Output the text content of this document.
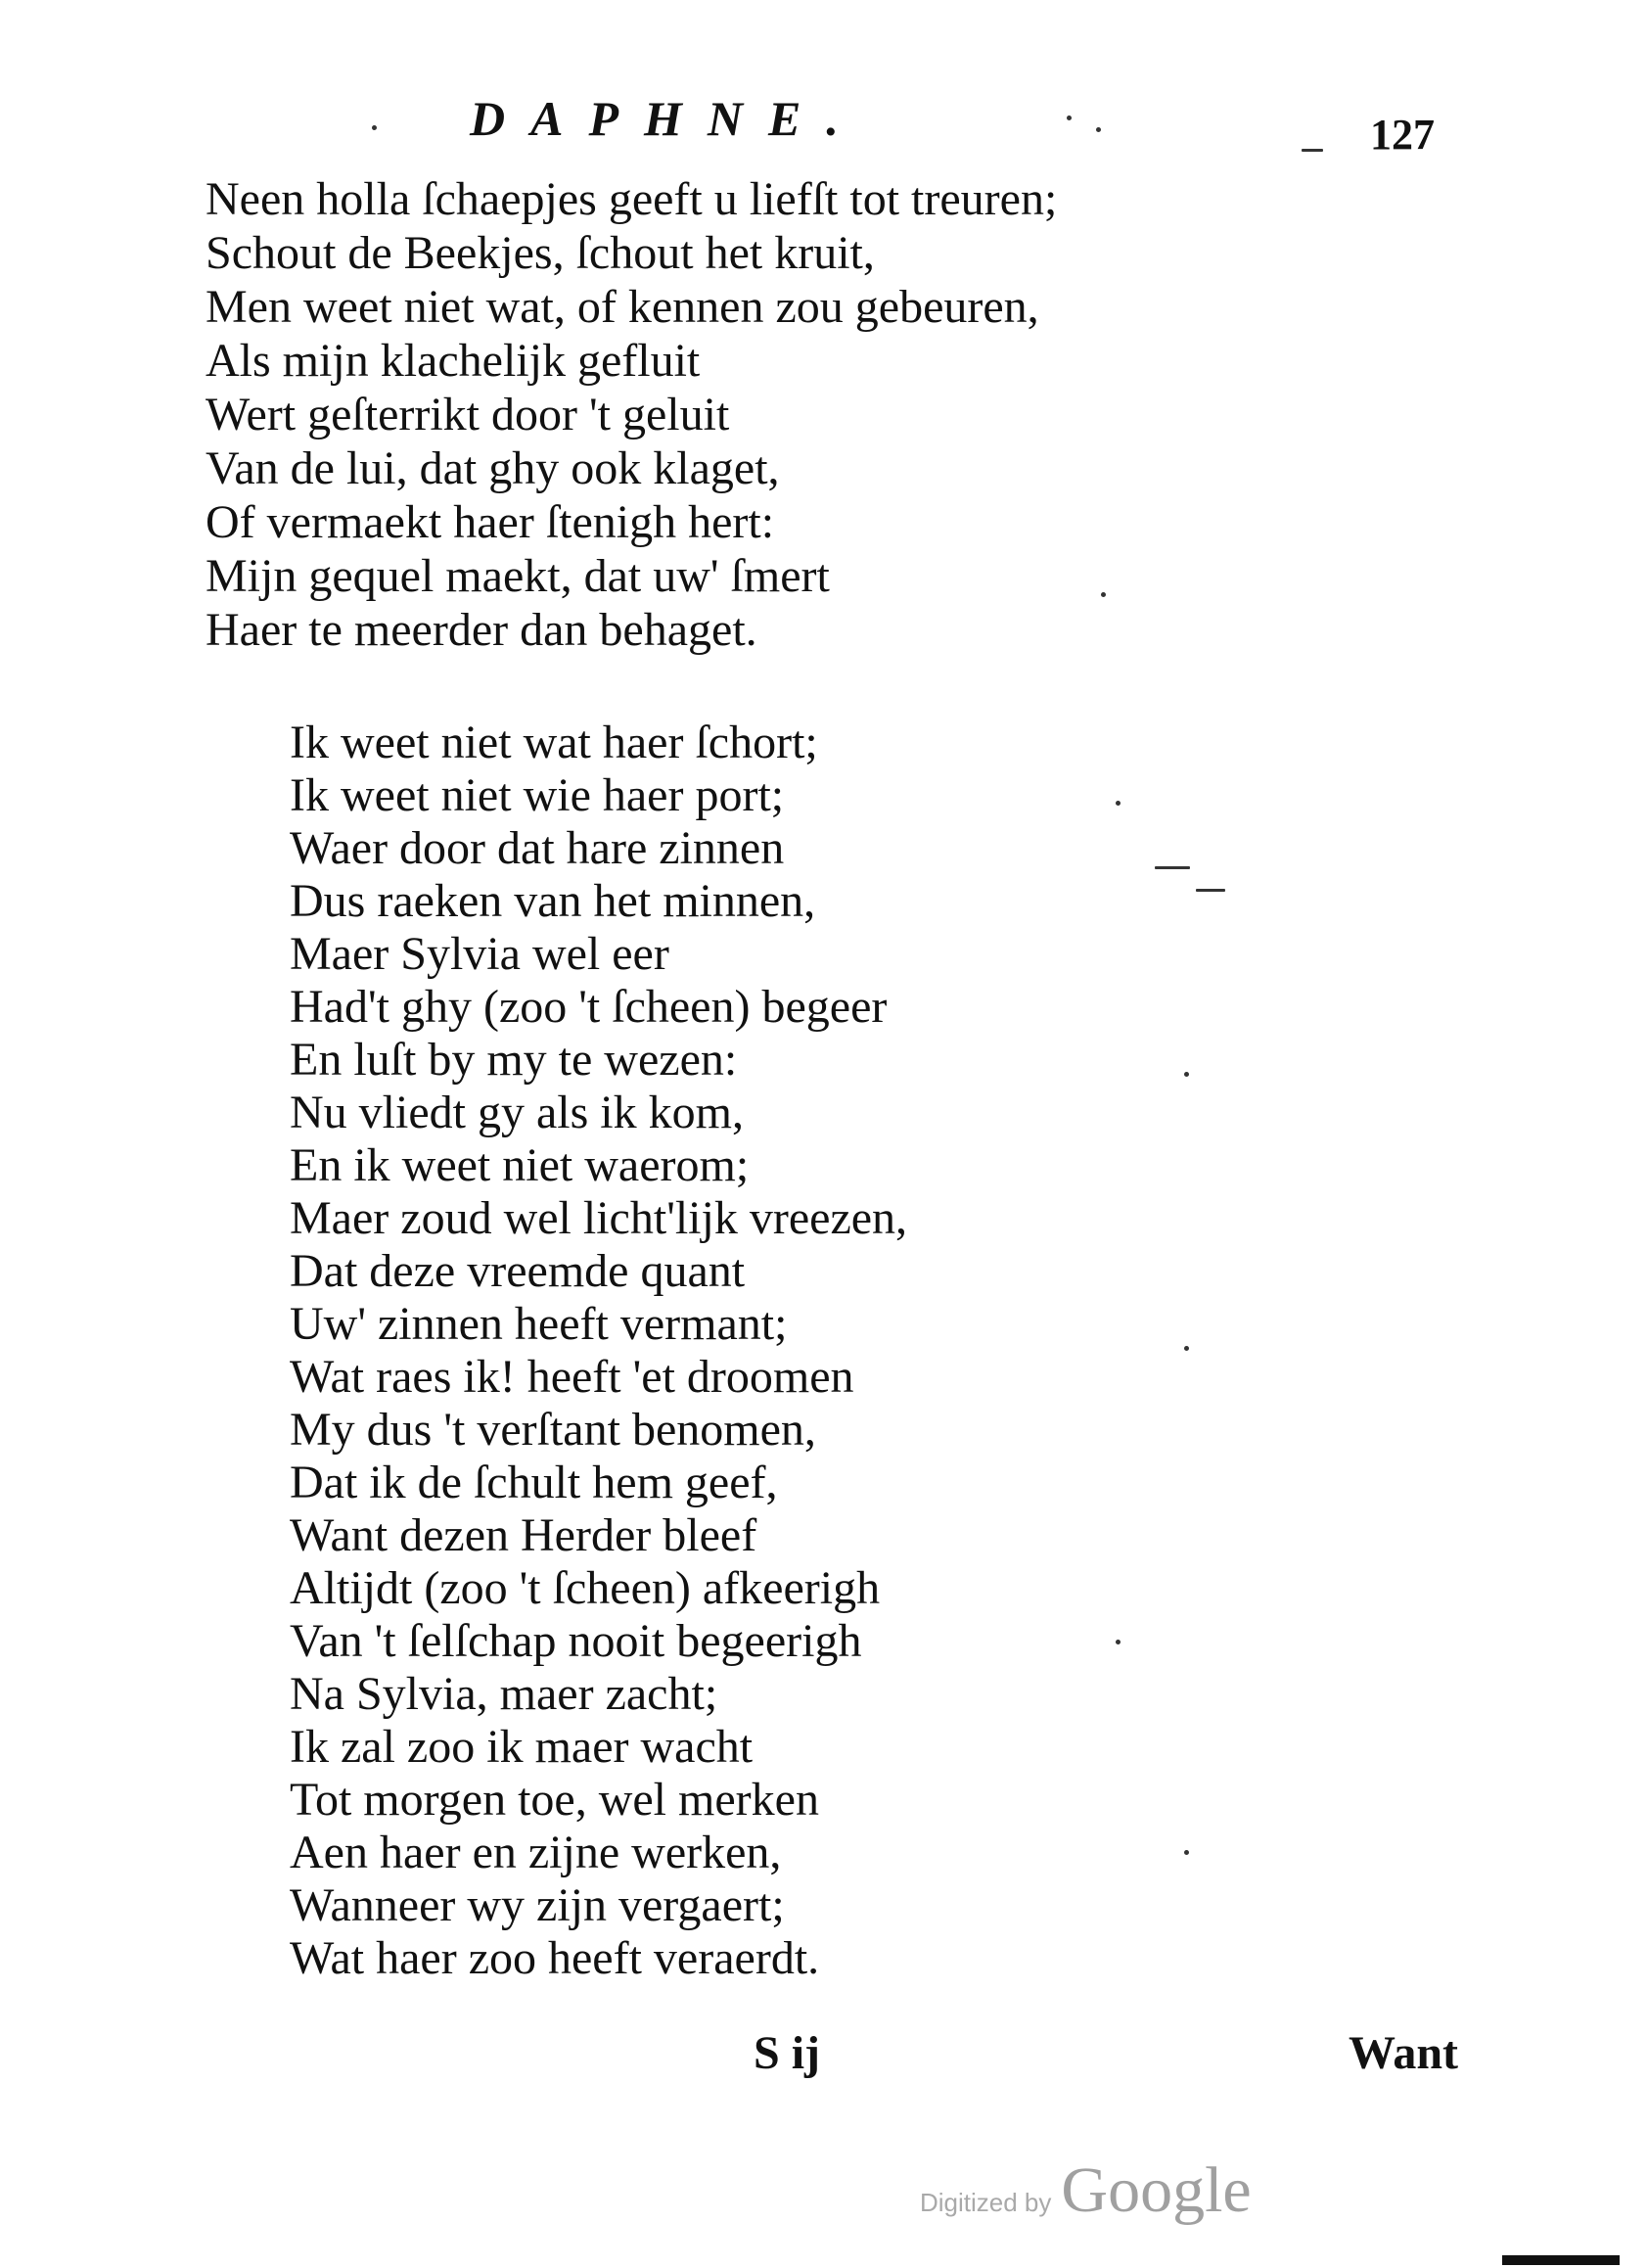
DAPHNE.	127
Neen holla ſchaepjes geeft u liefſt tot treuren;
Schout de Beekjes, ſchout het kruit,
Men weet niet wat, of kennen zou gebeuren,
Als mijn klachelijk gefluit
Wert geſterrikt door 't geluit
Van de lui, dat ghy ook klaget,
Of vermaekt haer ſtenigh hert:
Mijn gequel maekt, dat uw' ſmert
Haer te meerder dan behaget.
Ik weet niet wat haer ſchort;
Ik weet niet wie haer port;
Waer door dat hare zinnen
Dus raeken van het minnen,
Maer Sylvia wel eer
Had't ghy (zoo 't ſcheen) begeer
En luſt by my te wezen:
Nu vliedt gy als ik kom,
En ik weet niet waerom;
Maer zoud wel licht'lijk vreezen,
Dat deze vreemde quant
Uw' zinnen heeft vermant;
Wat raes ik! heeft 'et droomen
My dus 't verſtant benomen,
Dat ik de ſchult hem geef,
Want dezen Herder bleef
Altijdt (zoo 't ſcheen) afkeerigh
Van 't ſelſchap nooit begeerigh
Na Sylvia, maer zacht;
Ik zal zoo ik maer wacht
Tot morgen toe, wel merken
Aen haer en zijne werken,
Wanneer wy zijn vergaert;
Wat haer zoo heeft veraerdt.
S ij	Want
Digitized by Google
